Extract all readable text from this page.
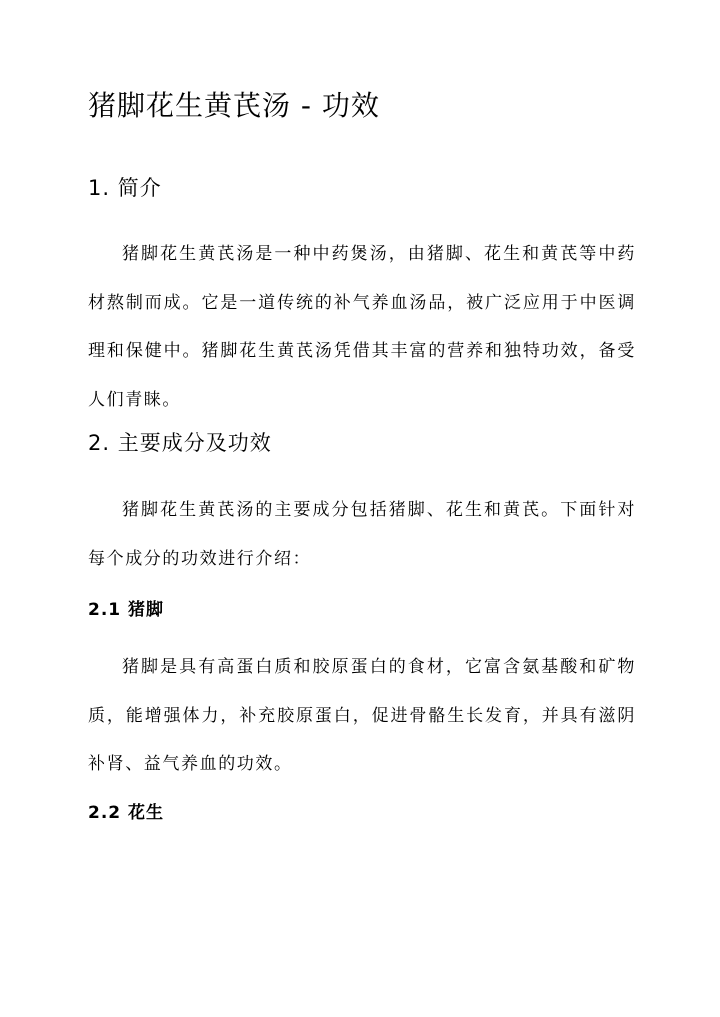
猪脚花生黄芪汤 - 功效
1. 简介

猪脚花生黄芪汤是一种中药煲汤，由猪脚、花生和黄芪等中药材熬制而成。它是一道传统的补气养血汤品，被广泛应用于中医调理和保健中。猪脚花生黄芪汤凭借其丰富的营养和独特功效，备受人们青睐。

2. 主要成分及功效

猪脚花生黄芪汤的主要成分包括猪脚、花生和黄芪。下面针对每个成分的功效进行介绍：

2.1 猪脚

猪脚是具有高蛋白质和胶原蛋白的食材，它富含氨基酸和矿物质，能增强体力，补充胶原蛋白，促进骨骼生长发育，并具有滋阴补肾、益气养血的功效。

2.2 花生
